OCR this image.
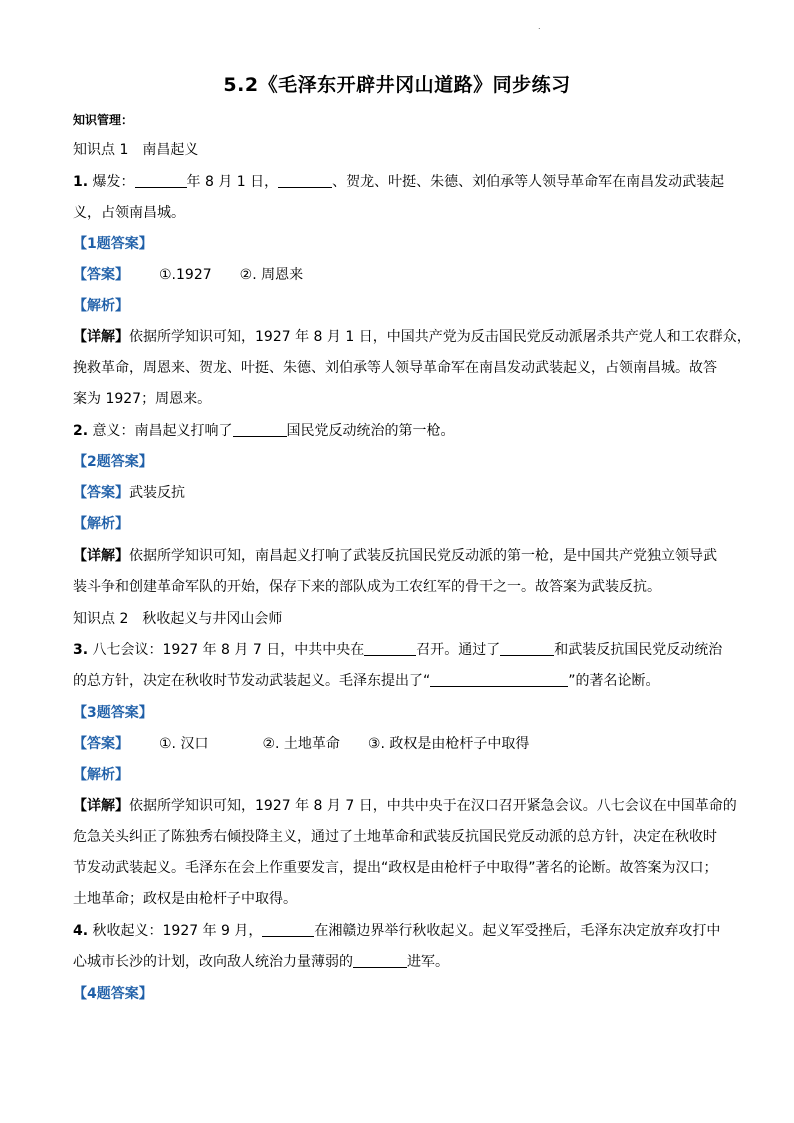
.
5.2《毛泽东开辟井冈山道路》同步练习
知识管理：
知识点 1 南昌起义
1. 爆发：	年 8 月 1 日，	、贺龙、叶挺、朱德、刘伯承等人领导革命军在南昌发动武装起
义，占领南昌城。
【1题答案】
【答案】 ①.1927 ②. 周恩来
【解析】
【详解】依据所学知识可知，1927 年 8 月 1 日，中国共产党为反击国民党反动派屠杀共产党人和工农群众，
挽救革命，周恩来、贺龙、叶挺、朱德、刘伯承等人领导革命军在南昌发动武装起义，占领南昌城。故答
案为 1927；周恩来。
2. 意义：南昌起义打响了	国民党反动统治的第一枪。
【2题答案】
【答案】武装反抗
【解析】
【详解】依据所学知识可知，南昌起义打响了武装反抗国民党反动派的第一枪，是中国共产党独立领导武
装斗争和创建革命军队的开始，保存下来的部队成为工农红军的骨干之一。故答案为武装反抗。
知识点 2 秋收起义与井冈山会师
3. 八七会议：1927 年 8 月 7 日，中共中央在	召开。通过了	和武装反抗国民党反动统治
的总方针，决定在秋收时节发动武装起义。毛泽东提出了“	”的著名论断。
【3题答案】
【答案】 ①. 汉口	②. 土地革命 ③. 政权是由枪杆子中取得
【解析】
【详解】依据所学知识可知，1927 年 8 月 7 日，中共中央于在汉口召开紧急会议。八七会议在中国革命的
危急关头纠正了陈独秀右倾投降主义，通过了土地革命和武装反抗国民党反动派的总方针，决定在秋收时
节发动武装起义。毛泽东在会上作重要发言，提出“政权是由枪杆子中取得”著名的论断。故答案为汉口；
土地革命；政权是由枪杆子中取得。
4. 秋收起义：1927 年 9 月，	在湘赣边界举行秋收起义。起义军受挫后，毛泽东决定放弃攻打中
心城市长沙的计划，改向敌人统治力量薄弱的	进军。
【4题答案】
